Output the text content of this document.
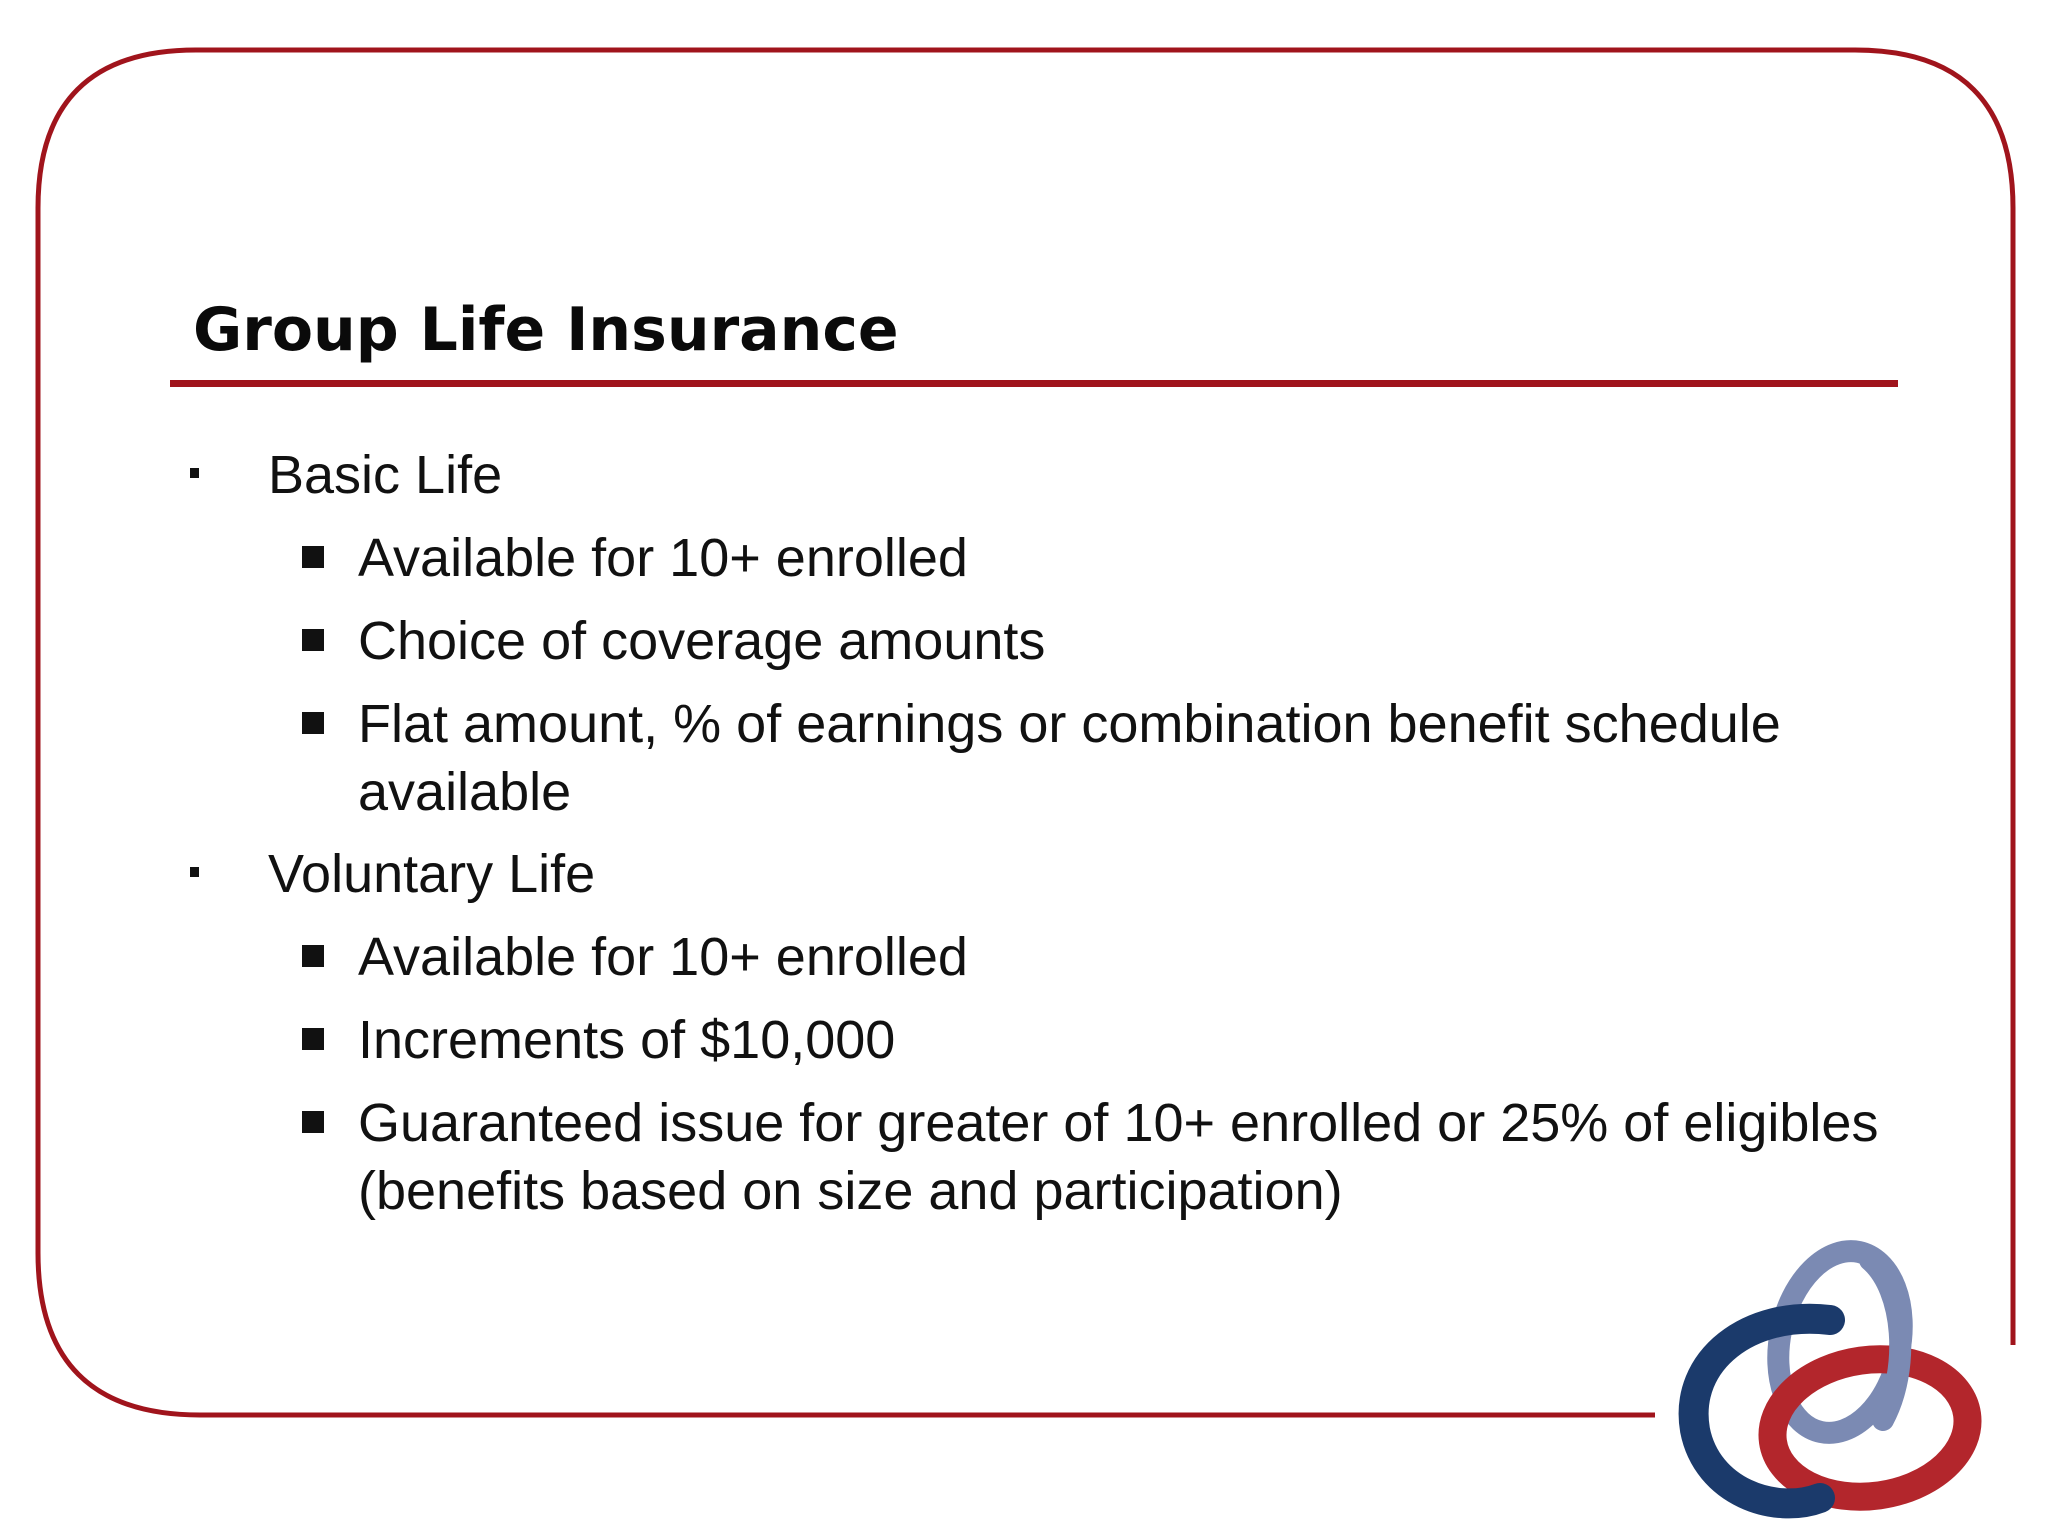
Group Life Insurance
Basic Life
Available for 10+ enrolled
Choice of coverage amounts
Flat amount, % of earnings or combination benefit schedule available
Voluntary Life
Available for 10+ enrolled
Increments of $10,000
Guaranteed issue for greater of 10+ enrolled or 25% of eligibles (benefits based on size and participation)
